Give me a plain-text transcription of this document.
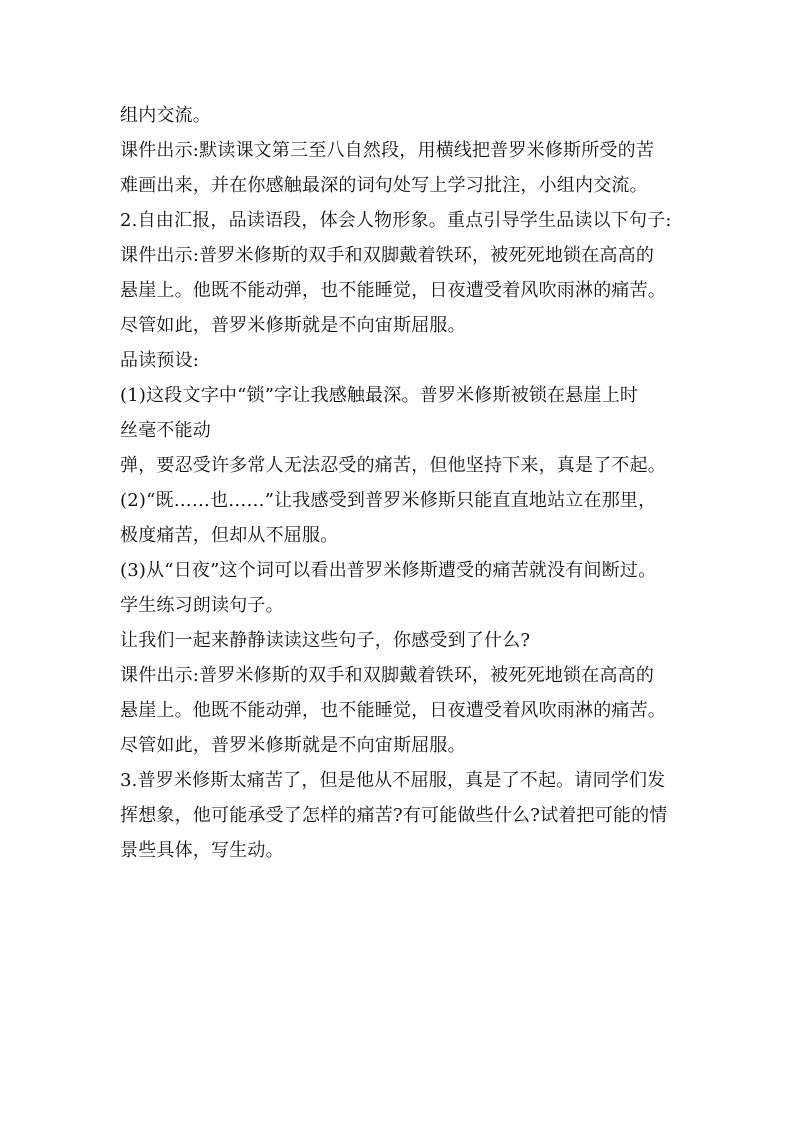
组内交流。
课件出示:默读课文第三至八自然段，用横线把普罗米修斯所受的苦
难画出来，并在你感触最深的词句处写上学习批注，小组内交流。
2.自由汇报，品读语段，体会人物形象。重点引导学生品读以下句子:
课件出示:普罗米修斯的双手和双脚戴着铁环，被死死地锁在高高的
悬崖上。他既不能动弹，也不能睡觉，日夜遭受着风吹雨淋的痛苦。
尽管如此，普罗米修斯就是不向宙斯屈服。
品读预设:
(1)这段文字中“锁”字让我感触最深。普罗米修斯被锁在悬崖上时
丝毫不能动
弹，要忍受许多常人无法忍受的痛苦，但他坚持下来，真是了不起。
(2)“既……也……”让我感受到普罗米修斯只能直直地站立在那里，
极度痛苦，但却从不屈服。
(3)从“日夜”这个词可以看出普罗米修斯遭受的痛苦就没有间断过。
学生练习朗读句子。
让我们一起来静静读读这些句子，你感受到了什么?
课件出示:普罗米修斯的双手和双脚戴着铁环，被死死地锁在高高的
悬崖上。他既不能动弹，也不能睡觉，日夜遭受着风吹雨淋的痛苦。
尽管如此，普罗米修斯就是不向宙斯屈服。
3.普罗米修斯太痛苦了，但是他从不屈服，真是了不起。请同学们发
挥想象，他可能承受了怎样的痛苦?有可能做些什么?试着把可能的情
景些具体，写生动。
